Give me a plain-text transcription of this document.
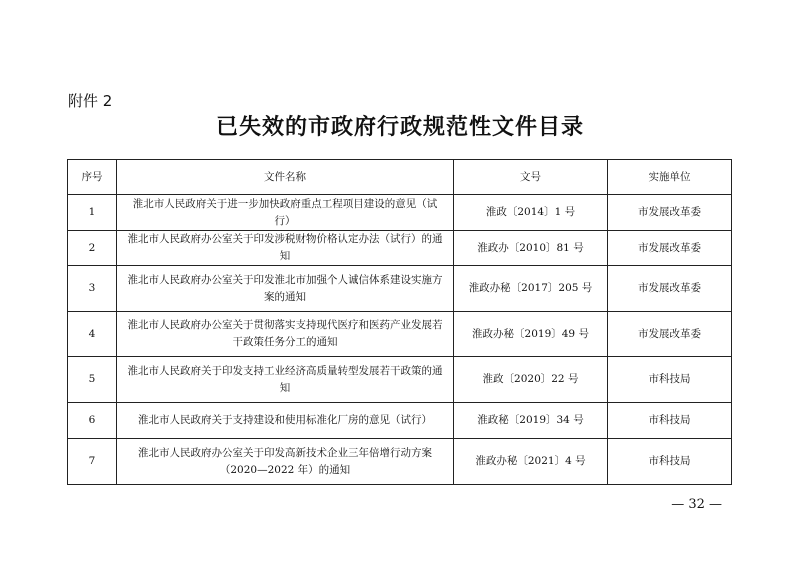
附件 2
已失效的市政府行政规范性文件目录
序号	文件名称	文号	实施单位
1	淮北市人民政府关于进一步加快政府重点工程项目建设的意见（试行）	淮政〔2014〕1 号	市发展改革委
2	淮北市人民政府办公室关于印发涉税财物价格认定办法（试行）的通知	淮政办〔2010〕81 号	市发展改革委
3	淮北市人民政府办公室关于印发淮北市加强个人诚信体系建设实施方案的通知	淮政办秘〔2017〕205 号	市发展改革委
4	淮北市人民政府办公室关于贯彻落实支持现代医疗和医药产业发展若干政策任务分工的通知	淮政办秘〔2019〕49 号	市发展改革委
5	淮北市人民政府关于印发支持工业经济高质量转型发展若干政策的通知	淮政〔2020〕22 号	市科技局
6	淮北市人民政府关于支持建设和使用标准化厂房的意见（试行）	淮政秘〔2019〕34 号	市科技局
7	淮北市人民政府办公室关于印发高新技术企业三年倍增行动方案（2020—2022 年）的通知	淮政办秘〔2021〕4 号	市科技局
— 32 —
